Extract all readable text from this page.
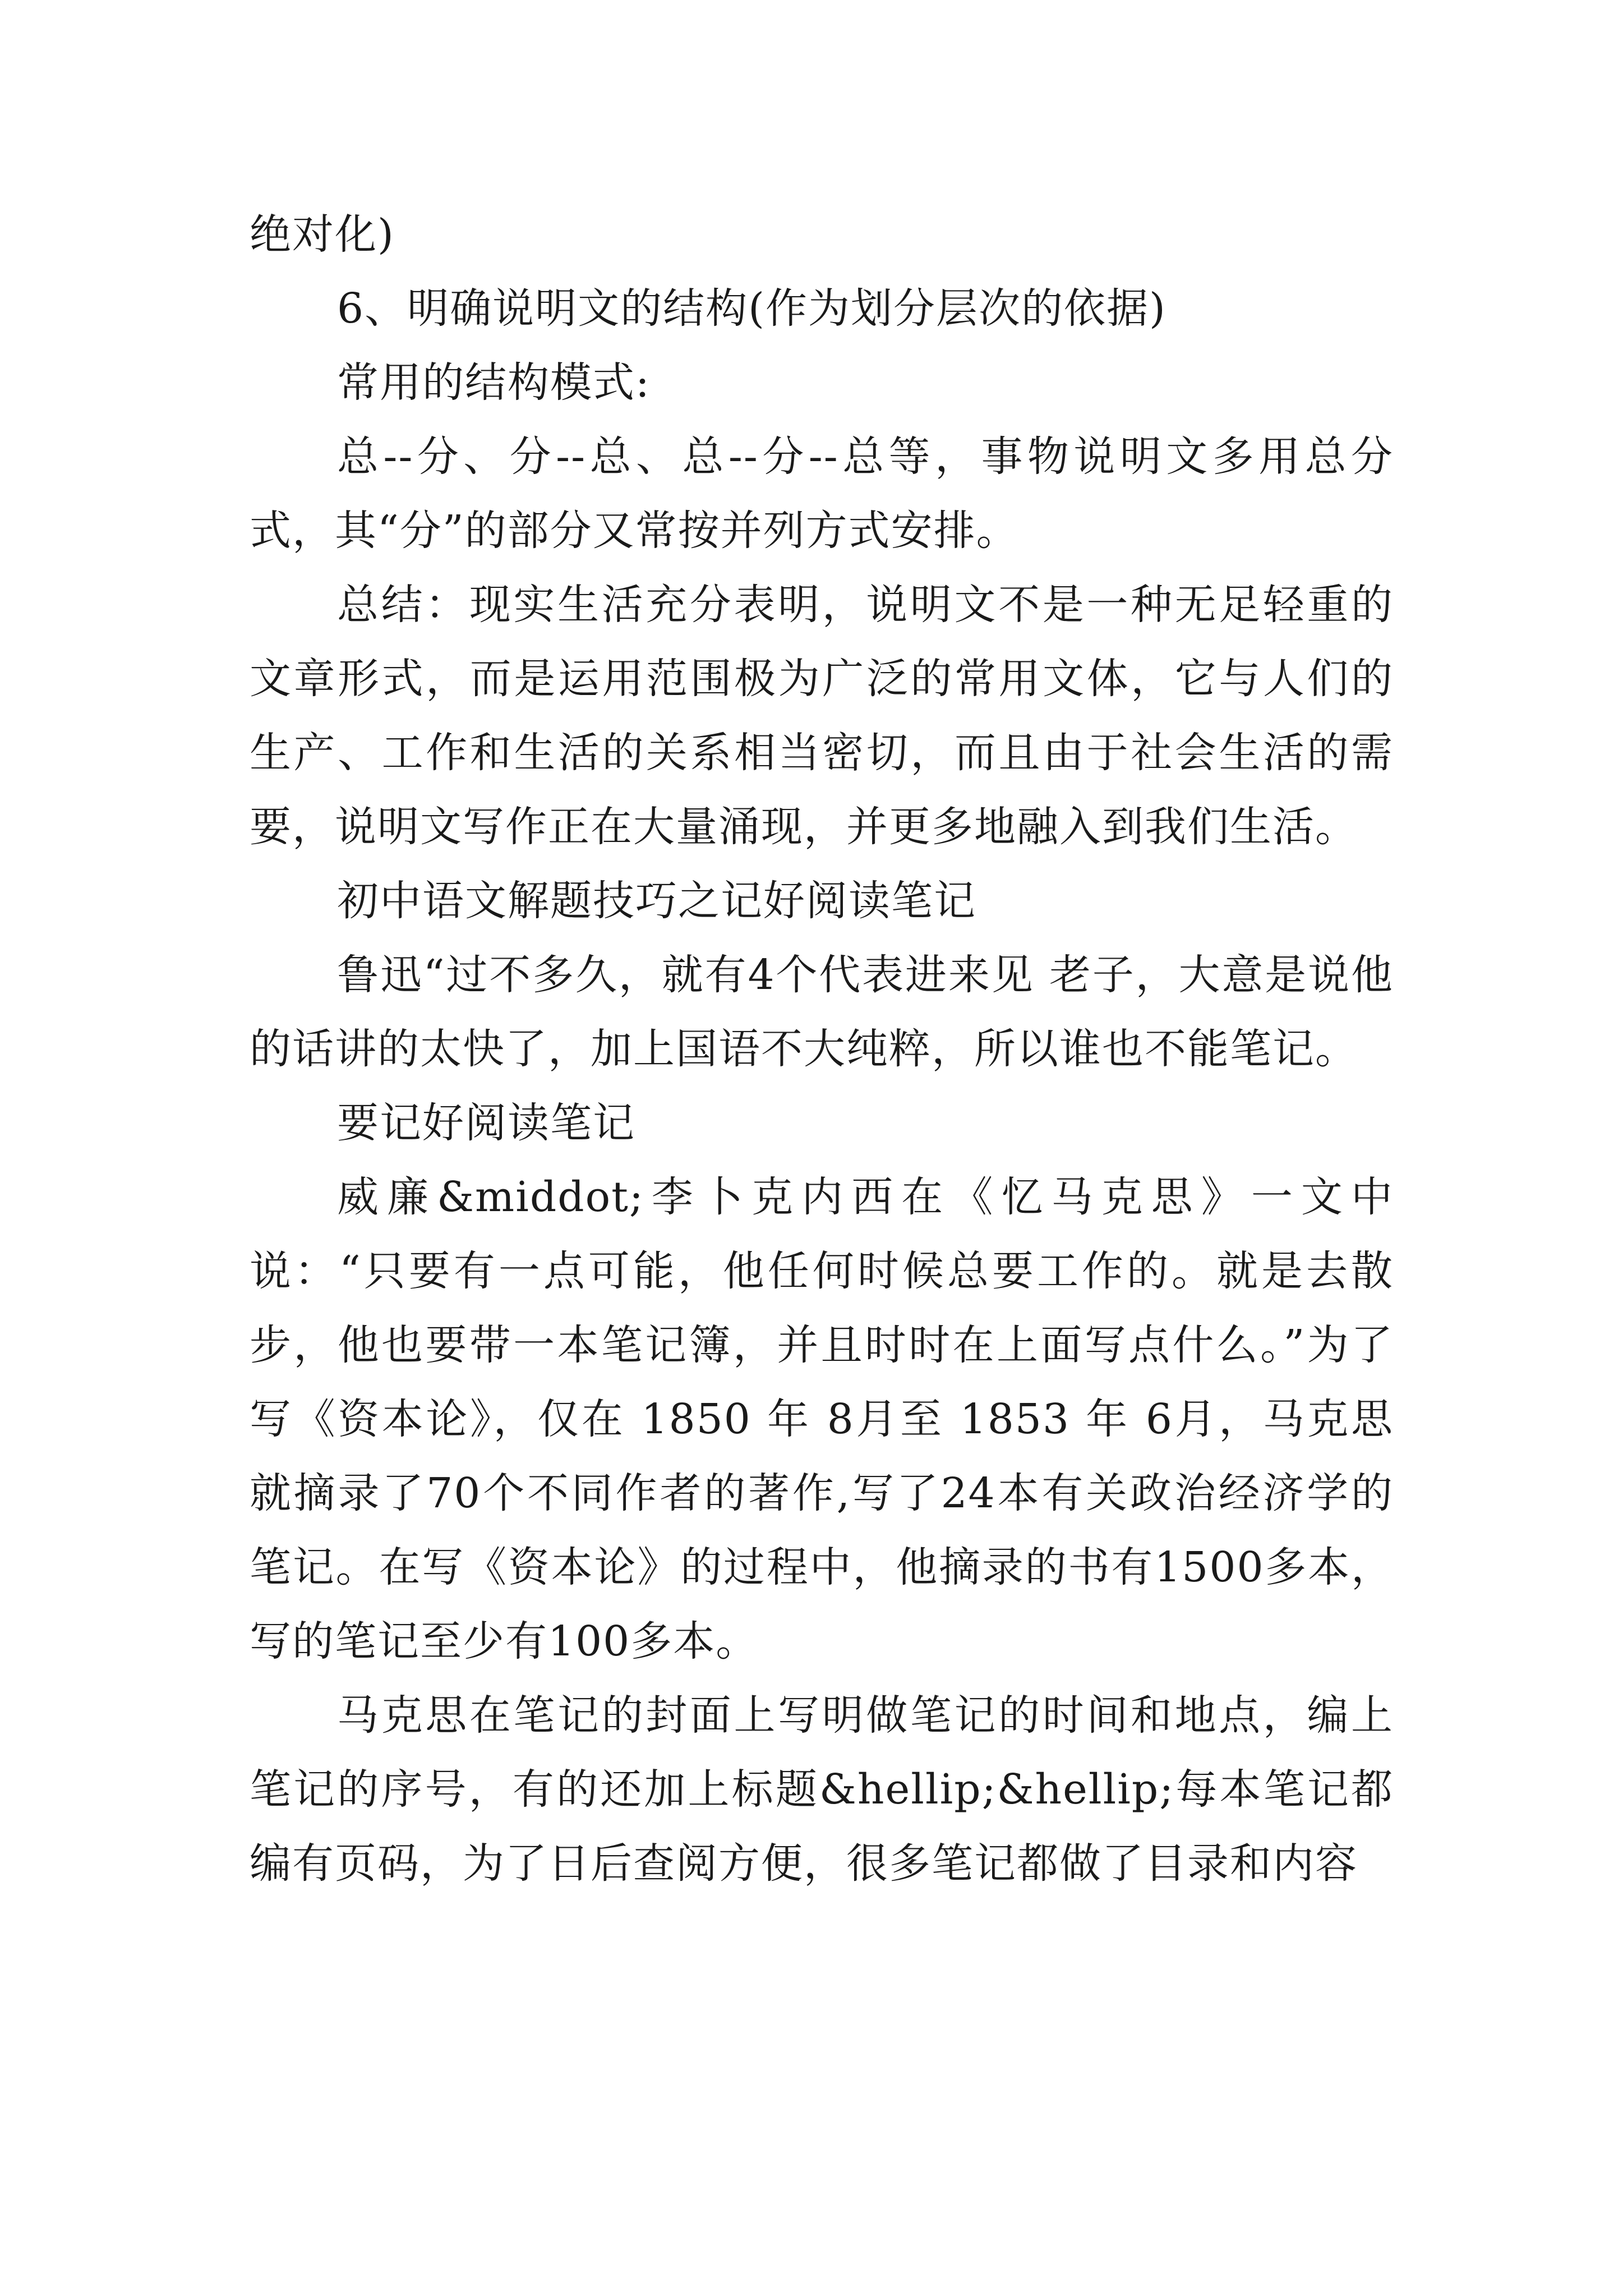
绝对化)

6、明确说明文的结构(作为划分层次的依据)

常用的结构模式:

总--分、分--总、总--分--总等，事物说明文多用总分式，其“分”的部分又常按并列方式安排。

总结：现实生活充分表明，说明文不是一种无足轻重的文章形式，而是运用范围极为广泛的常用文体，它与人们的生产、工作和生活的关系相当密切，而且由于社会生活的需要，说明文写作正在大量涌现，并更多地融入到我们生活。

初中语文解题技巧之记好阅读笔记

鲁迅“过不多久，就有4个代表进来见 老子，大意是说他的话讲的太快了，加上国语不大纯粹，所以谁也不能笔记。

要记好阅读笔记

威廉&middot;李卜克内西在《忆马克思》一文中说：“只要有一点可能，他任何时候总要工作的。就是去散步，他也要带一本笔记簿，并且时时在上面写点什么。”为了写《资本论》，仅在 1850 年 8月至 1853 年 6月，马克思就摘录了70个不同作者的著作,写了24本有关政治经济学的笔记。在写《资本论》的过程中，他摘录的书有1500多本，写的笔记至少有100多本。

马克思在笔记的封面上写明做笔记的时间和地点，编上笔记的序号，有的还加上标题&hellip;&hellip;每本笔记都编有页码，为了日后查阅方便，很多笔记都做了目录和内容
